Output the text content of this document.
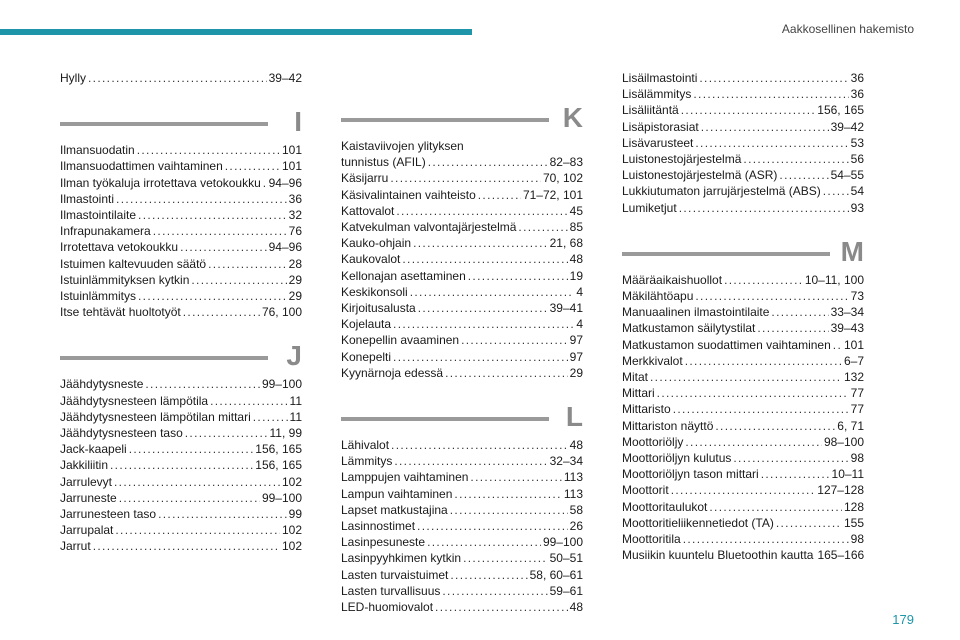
Aakkosellinen hakemisto
Hylly . . .	39–42
I
Ilmansuodatin . . .	101
Ilmansuodattimen vaihtaminen . . .	101
Ilman työkaluja irrotettava vetokoukku . . . 94–96
Ilmastointi . . .	36
Ilmastointilaite . . .	32
Infrapunakamera . . .	76
Irrotettava vetokoukku . . .	94–96
Istuimen kaltevuuden säätö . . .	28
Istuinlämmityksen kytkin . . .	29
Istuinlämmitys . . .	29
Itse tehtävät huoltotyöt . . .	76, 100
J
Jäähdytysneste . . .	99–100
Jäähdytysnesteen lämpötila . . .	11
Jäähdytysnesteen lämpötilan mittari . . .	11
Jäähdytysnesteen taso . . .	11, 99
Jack-kaapeli . . .	156, 165
Jakkiliitin . . .	156, 165
Jarrulevyt . . .	102
Jarruneste . . .	99–100
Jarrunesteen taso . . .	99
Jarrupalat . . .	102
Jarrut . . .	102
K
Kaistaviivojen ylityksen
tunnistus (AFIL) . . .	82–83
Käsijarru . . .	70, 102
Käsivalintainen vaihteisto . . .	71–72, 101
Kattovalot . . .	45
Katvekulman valvontajärjestelmä . . .	85
Kauko-ohjain . . .	21, 68
Kaukovalot . . .	48
Kellonajan asettaminen . . .	19
Keskikonsoli . . .	4
Kirjoitusalusta . . .	39–41
Kojelauta . . .	4
Konepellin avaaminen . . .	97
Konepelti . . .	97
Kyynärnoja edessä . . .	29
L
Lähivalot . . .	48
Lämmitys . . .	32–34
Lamppujen vaihtaminen . . .	113
Lampun vaihtaminen . . .	113
Lapset matkustajina . . .	58
Lasinnostimet . . .	26
Lasinpesuneste . . .	99–100
Lasinpyyhkimen kytkin . . .	50–51
Lasten turvaistuimet . . .	58, 60–61
Lasten turvallisuus . . .	59–61
LED-huomiovalot . . .	48
Lisäilmastointi . . .	36
Lisälämmitys . . .	36
Lisäliitäntä . . .	156, 165
Lisäpistorasiat . . .	39–42
Lisävarusteet . . .	53
Luistonestojärjestelmä . . .	56
Luistonestojärjestelmä (ASR) . . .	54–55
Lukkiutumaton jarrujärjestelmä (ABS) . . . 54
Lumiketjut . . .	93
M
Määräaikaishuollot . . .	10–11, 100
Mäkilähtöapu . . .	73
Manuaalinen ilmastointilaite . . .	33–34
Matkustamon säilytystilat . . .	39–43
Matkustamon suodattimen vaihtaminen . . . 101
Merkkivalot . . .	6–7
Mitat . . .	132
Mittari . . .	77
Mittaristo . . .	77
Mittariston näyttö . . .	6, 71
Moottoriöljy . . .	98–100
Moottoriöljyn kulutus . . .	98
Moottoriöljyn tason mittari . . .	10–11
Moottorit . . .	127–128
Moottoritaulukot . . .	128
Moottoritieliikennetiedot (TA) . . .	155
Moottoritila . . .	98
Musiikin kuuntelu Bluetoothin kautta 165–166
179
